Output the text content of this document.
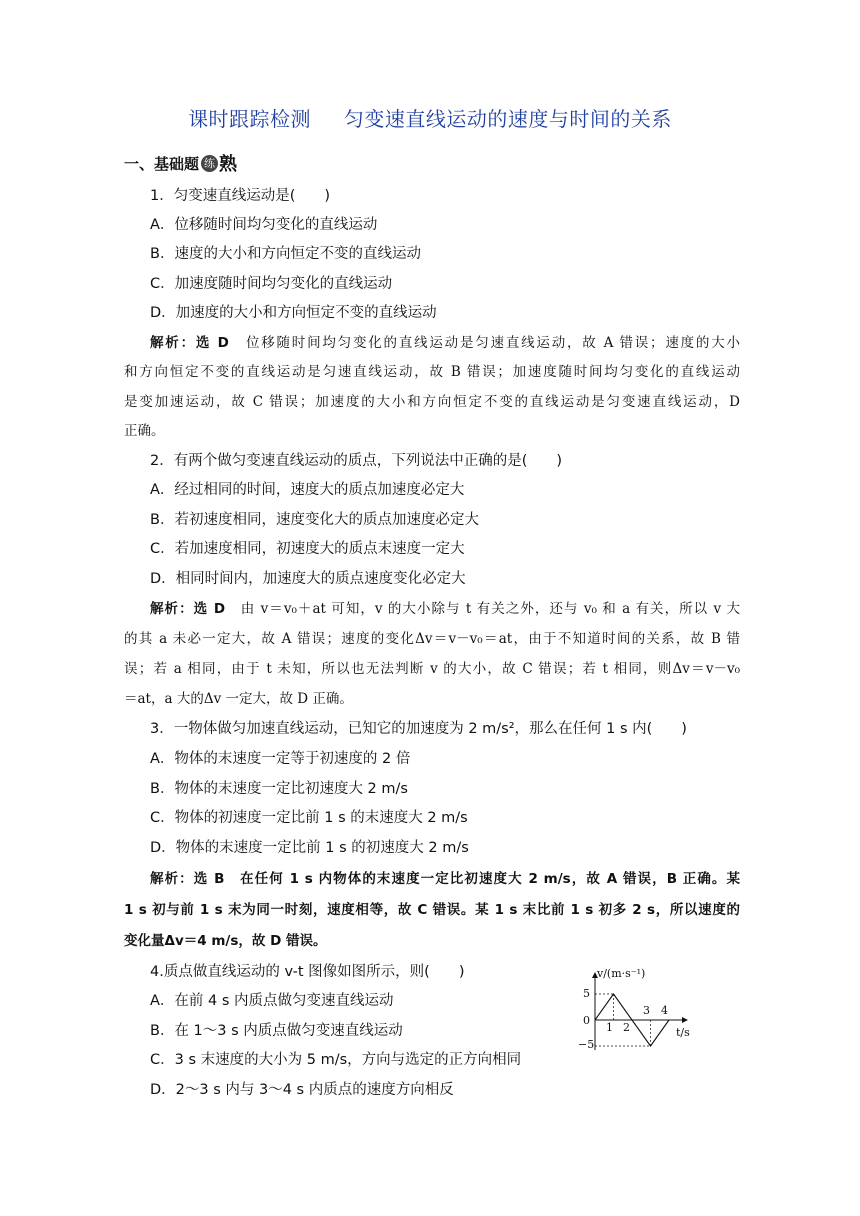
课时跟踪检测 匀变速直线运动的速度与时间的关系
一、基础题 练 熟
1．匀变速直线运动是(　　)
A．位移随时间均匀变化的直线运动
B．速度的大小和方向恒定不变的直线运动
C．加速度随时间均匀变化的直线运动
D．加速度的大小和方向恒定不变的直线运动
解析：选 D　 位移随时间均匀变化的直线运动是匀速直线运动，故 A 错误；速度的大小
和方向恒定不变的直线运动是匀速直线运动，故 B 错误；加速度随时间均匀变化的直线运动
是变加速运动，故 C 错误；加速度的大小和方向恒定不变的直线运动是匀变速直线运动，D
正确。
2．有两个做匀变速直线运动的质点，下列说法中正确的是(　　)
A．经过相同的时间，速度大的质点加速度必定大
B．若初速度相同，速度变化大的质点加速度必定大
C．若加速度相同，初速度大的质点末速度一定大
D．相同时间内，加速度大的质点速度变化必定大
解析：选 D　 由 v＝v₀＋at 可知，v 的大小除与 t 有关之外，还与 v₀ 和 a 有关，所以 v 大
的其 a 未必一定大，故 A 错误；速度的变化Δv＝v－v₀＝at，由于不知道时间的关系，故 B 错
误；若 a 相同，由于 t 未知，所以也无法判断 v 的大小，故 C 错误；若 t 相同，则Δv＝v－v₀
＝at，a 大的Δv 一定大，故 D 正确。
3．一物体做匀加速直线运动，已知它的加速度为 2 m/s²，那么在任何 1 s 内(　　)
A．物体的末速度一定等于初速度的 2 倍
B．物体的末速度一定比初速度大 2 m/s
C．物体的初速度一定比前 1 s 的末速度大 2 m/s
D．物体的末速度一定比前 1 s 的初速度大 2 m/s
解析：选 B　 在任何 1 s 内物体的末速度一定比初速度大 2 m/s，故 A 错误，B 正确。某
1 s 初与前 1 s 末为同一时刻，速度相等，故 C 错误。某 1 s 末比前 1 s 初多 2 s，所以速度的
变化量Δv＝4 m/s，故 D 错误。
4.质点做直线运动的 v-t 图像如图所示，则(　　)
A．在前 4 s 内质点做匀变速直线运动
B．在 1～3 s 内质点做匀变速直线运动
C．3 s 末速度的大小为 5 m/s，方向与选定的正方向相同
D．2～3 s 内与 3～4 s 内质点的速度方向相反
v/(m·s⁻¹)
t/s
5
0
−5
1 2
3 4
